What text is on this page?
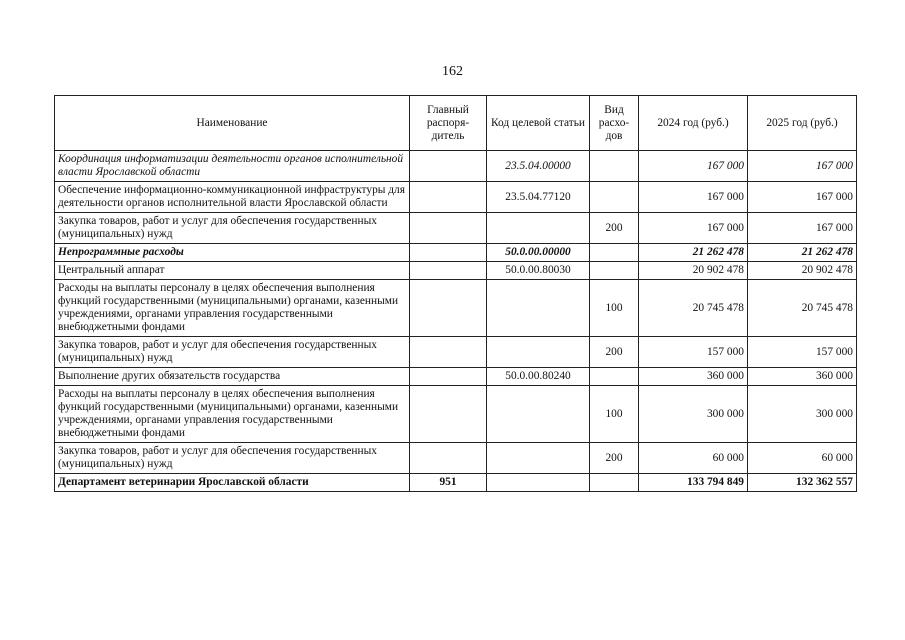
162
Наименование	Главный распоря-дитель	Код целевой статьи	Вид расхо-дов	2024 год (руб.)	2025 год (руб.)
Координация информатизации деятельности органов исполнительной власти Ярославской области		23.5.04.00000		167 000	167 000
Обеспечение информационно-коммуникационной инфраструктуры для деятельности органов исполнительной власти Ярославской области		23.5.04.77120		167 000	167 000
Закупка товаров, работ и услуг для обеспечения государственных (муниципальных) нужд			200	167 000	167 000
Непрограммные расходы		50.0.00.00000		21 262 478	21 262 478
Центральный аппарат		50.0.00.80030		20 902 478	20 902 478
Расходы на выплаты персоналу в целях обеспечения выполнения функций государственными (муниципальными) органами, казенными учреждениями, органами управления государственными внебюджетными фондами			100	20 745 478	20 745 478
Закупка товаров, работ и услуг для обеспечения государственных (муниципальных) нужд			200	157 000	157 000
Выполнение других обязательств государства		50.0.00.80240		360 000	360 000
Расходы на выплаты персоналу в целях обеспечения выполнения функций государственными (муниципальными) органами, казенными учреждениями, органами управления государственными внебюджетными фондами			100	300 000	300 000
Закупка товаров, работ и услуг для обеспечения государственных (муниципальных) нужд			200	60 000	60 000
Департамент ветеринарии Ярославской области	951			133 794 849	132 362 557
